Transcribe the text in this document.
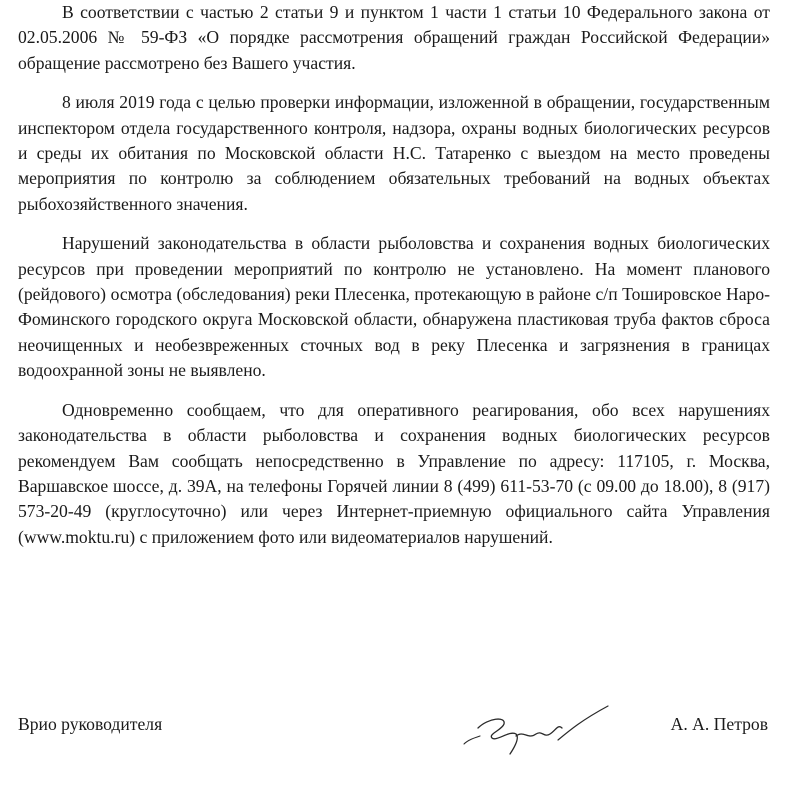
В соответствии с частью 2 статьи 9 и пунктом 1 части 1 статьи 10 Федерального закона от 02.05.2006 № 59-ФЗ «О порядке рассмотрения обращений граждан Российской Федерации» обращение рассмотрено без Вашего участия.

8 июля 2019 года с целью проверки информации, изложенной в обращении, государственным инспектором отдела государственного контроля, надзора, охраны водных биологических ресурсов и среды их обитания по Московской области Н.С. Татаренко с выездом на место проведены мероприятия по контролю за соблюдением обязательных требований на водных объектах рыбохозяйственного значения.

Нарушений законодательства в области рыболовства и сохранения водных биологических ресурсов при проведении мероприятий по контролю не установлено. На момент планового (рейдового) осмотра (обследования) реки Плесенка, протекающую в районе с/п Тошировское Наро-Фоминского городского округа Московской области, обнаружена пластиковая труба фактов сброса неочищенных и необезвреженных сточных вод в реку Плесенка и загрязнения в границах водоохранной зоны не выявлено.

Одновременно сообщаем, что для оперативного реагирования, обо всех нарушениях законодательства в области рыболовства и сохранения водных биологических ресурсов рекомендуем Вам сообщать непосредственно в Управление по адресу: 117105, г. Москва, Варшавское шоссе, д. 39А, на телефоны Горячей линии 8 (499) 611-53-70 (с 09.00 до 18.00), 8 (917) 573-20-49 (круглосуточно) или через Интернет-приемную официального сайта Управления (www.moktu.ru) с приложением фото или видеоматериалов нарушений.

Врио руководителя	А. А. Петров
